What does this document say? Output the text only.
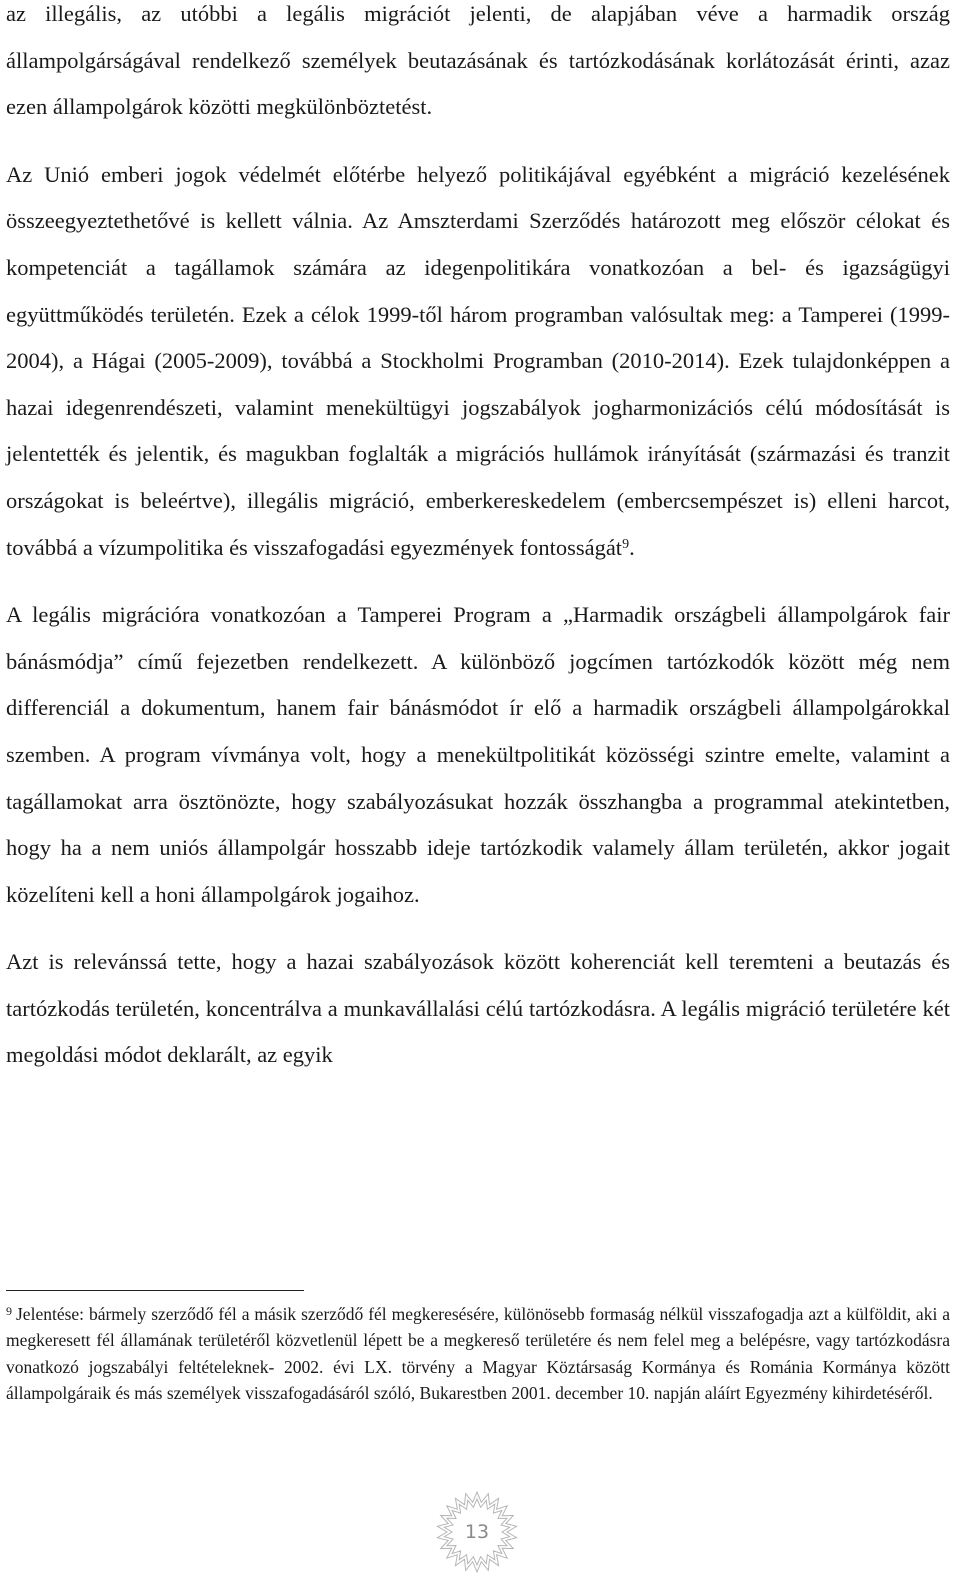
az illegális, az utóbbi a legális migrációt jelenti, de alapjában véve a harmadik ország állampolgárságával rendelkező személyek beutazásának és tartózkodásának korlátozását érinti, azaz ezen állampolgárok közötti megkülönböztetést.

Az Unió emberi jogok védelmét előtérbe helyező politikájával egyébként a migráció kezelésének összeegyeztethetővé is kellett válnia. Az Amszterdami Szerződés határozott meg először célokat és kompetenciát a tagállamok számára az idegenpolitikára vonatkozóan a bel- és igazságügyi együttműködés területén. Ezek a célok 1999-től három programban valósultak meg: a Tamperei (1999-2004), a Hágai (2005-2009), továbbá a Stockholmi Programban (2010-2014). Ezek tulajdonképpen a hazai idegenrendészeti, valamint menekültügyi jogszabályok jogharmonizációs célú módosítását is jelentették és jelentik, és magukban foglalták a migrációs hullámok irányítását (származási és tranzit országokat is beleértve), illegális migráció, emberkereskedelem (embercsempészet is) elleni harcot, továbbá a vízumpolitika és visszafogadási egyezmények fontosságát$^9$.

A legális migrációra vonatkozóan a Tamperei Program a „Harmadik országbeli állampolgárok fair bánásmódja” című fejezetben rendelkezett. A különböző jogcímen tartózkodók között még nem differenciál a dokumentum, hanem fair bánásmódot ír elő a harmadik országbeli állampolgárokkal szemben. A program vívmánya volt, hogy a menekültpolitikát közösségi szintre emelte, valamint a tagállamokat arra ösztönözte, hogy szabályozásukat hozzák összhangba a programmal atekintetben, hogy ha a nem uniós állampolgár hosszabb ideje tartózkodik valamely állam területén, akkor jogait közelíteni kell a honi állampolgárok jogaihoz.

Azt is relevánssá tette, hogy a hazai szabályozások között koherenciát kell teremteni a beutazás és tartózkodás területén, koncentrálva a munkavállalási célú tartózkodásra. A legális migráció területére két megoldási módot deklarált, az egyik

$^9$ Jelentése: bármely szerződő fél a másik szerződő fél megkeresésére, különösebb formaság nélkül visszafogadja azt a külföldit, aki a megkeresett fél államának területéről közvetlenül lépett be a megkereső területére és nem felel meg a belépésre, vagy tartózkodásra vonatkozó jogszabályi feltételeknek- 2002. évi LX. törvény a Magyar Köztársaság Kormánya és Románia Kormánya között állampolgáraik és más személyek visszafogadásáról szóló, Bukarestben 2001. december 10. napján aláírt Egyezmény kihirdetéséről.

13
